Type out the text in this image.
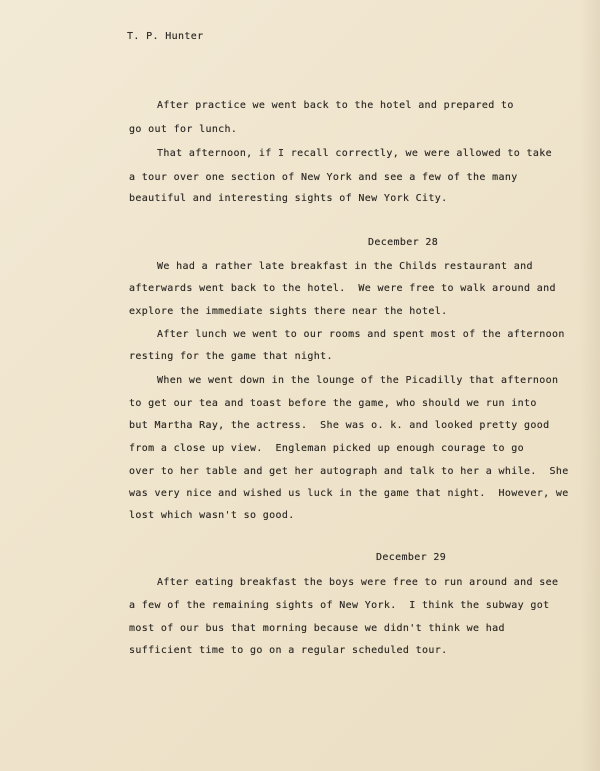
T. P. Hunter

After practice we went back to the hotel and prepared to

go out for lunch.

That afternoon, if I recall correctly, we were allowed to take

a tour over one section of New York and see a few of the many

beautiful and interesting sights of New York City.

December 28

We had a rather late breakfast in the Childs restaurant and

afterwards went back to the hotel.  We were free to walk around and

explore the immediate sights there near the hotel.

After lunch we went to our rooms and spent most of the afternoon

resting for the game that night.

When we went down in the lounge of the Picadilly that afternoon

to get our tea and toast before the game, who should we run into

but Martha Ray, the actress.  She was o. k. and looked pretty good

from a close up view.  Engleman picked up enough courage to go

over to her table and get her autograph and talk to her a while.  She

was very nice and wished us luck in the game that night.  However, we

lost which wasn't so good.

December 29

After eating breakfast the boys were free to run around and see

a few of the remaining sights of New York.  I think the subway got

most of our bus that morning because we didn't think we had

sufficient time to go on a regular scheduled tour.
